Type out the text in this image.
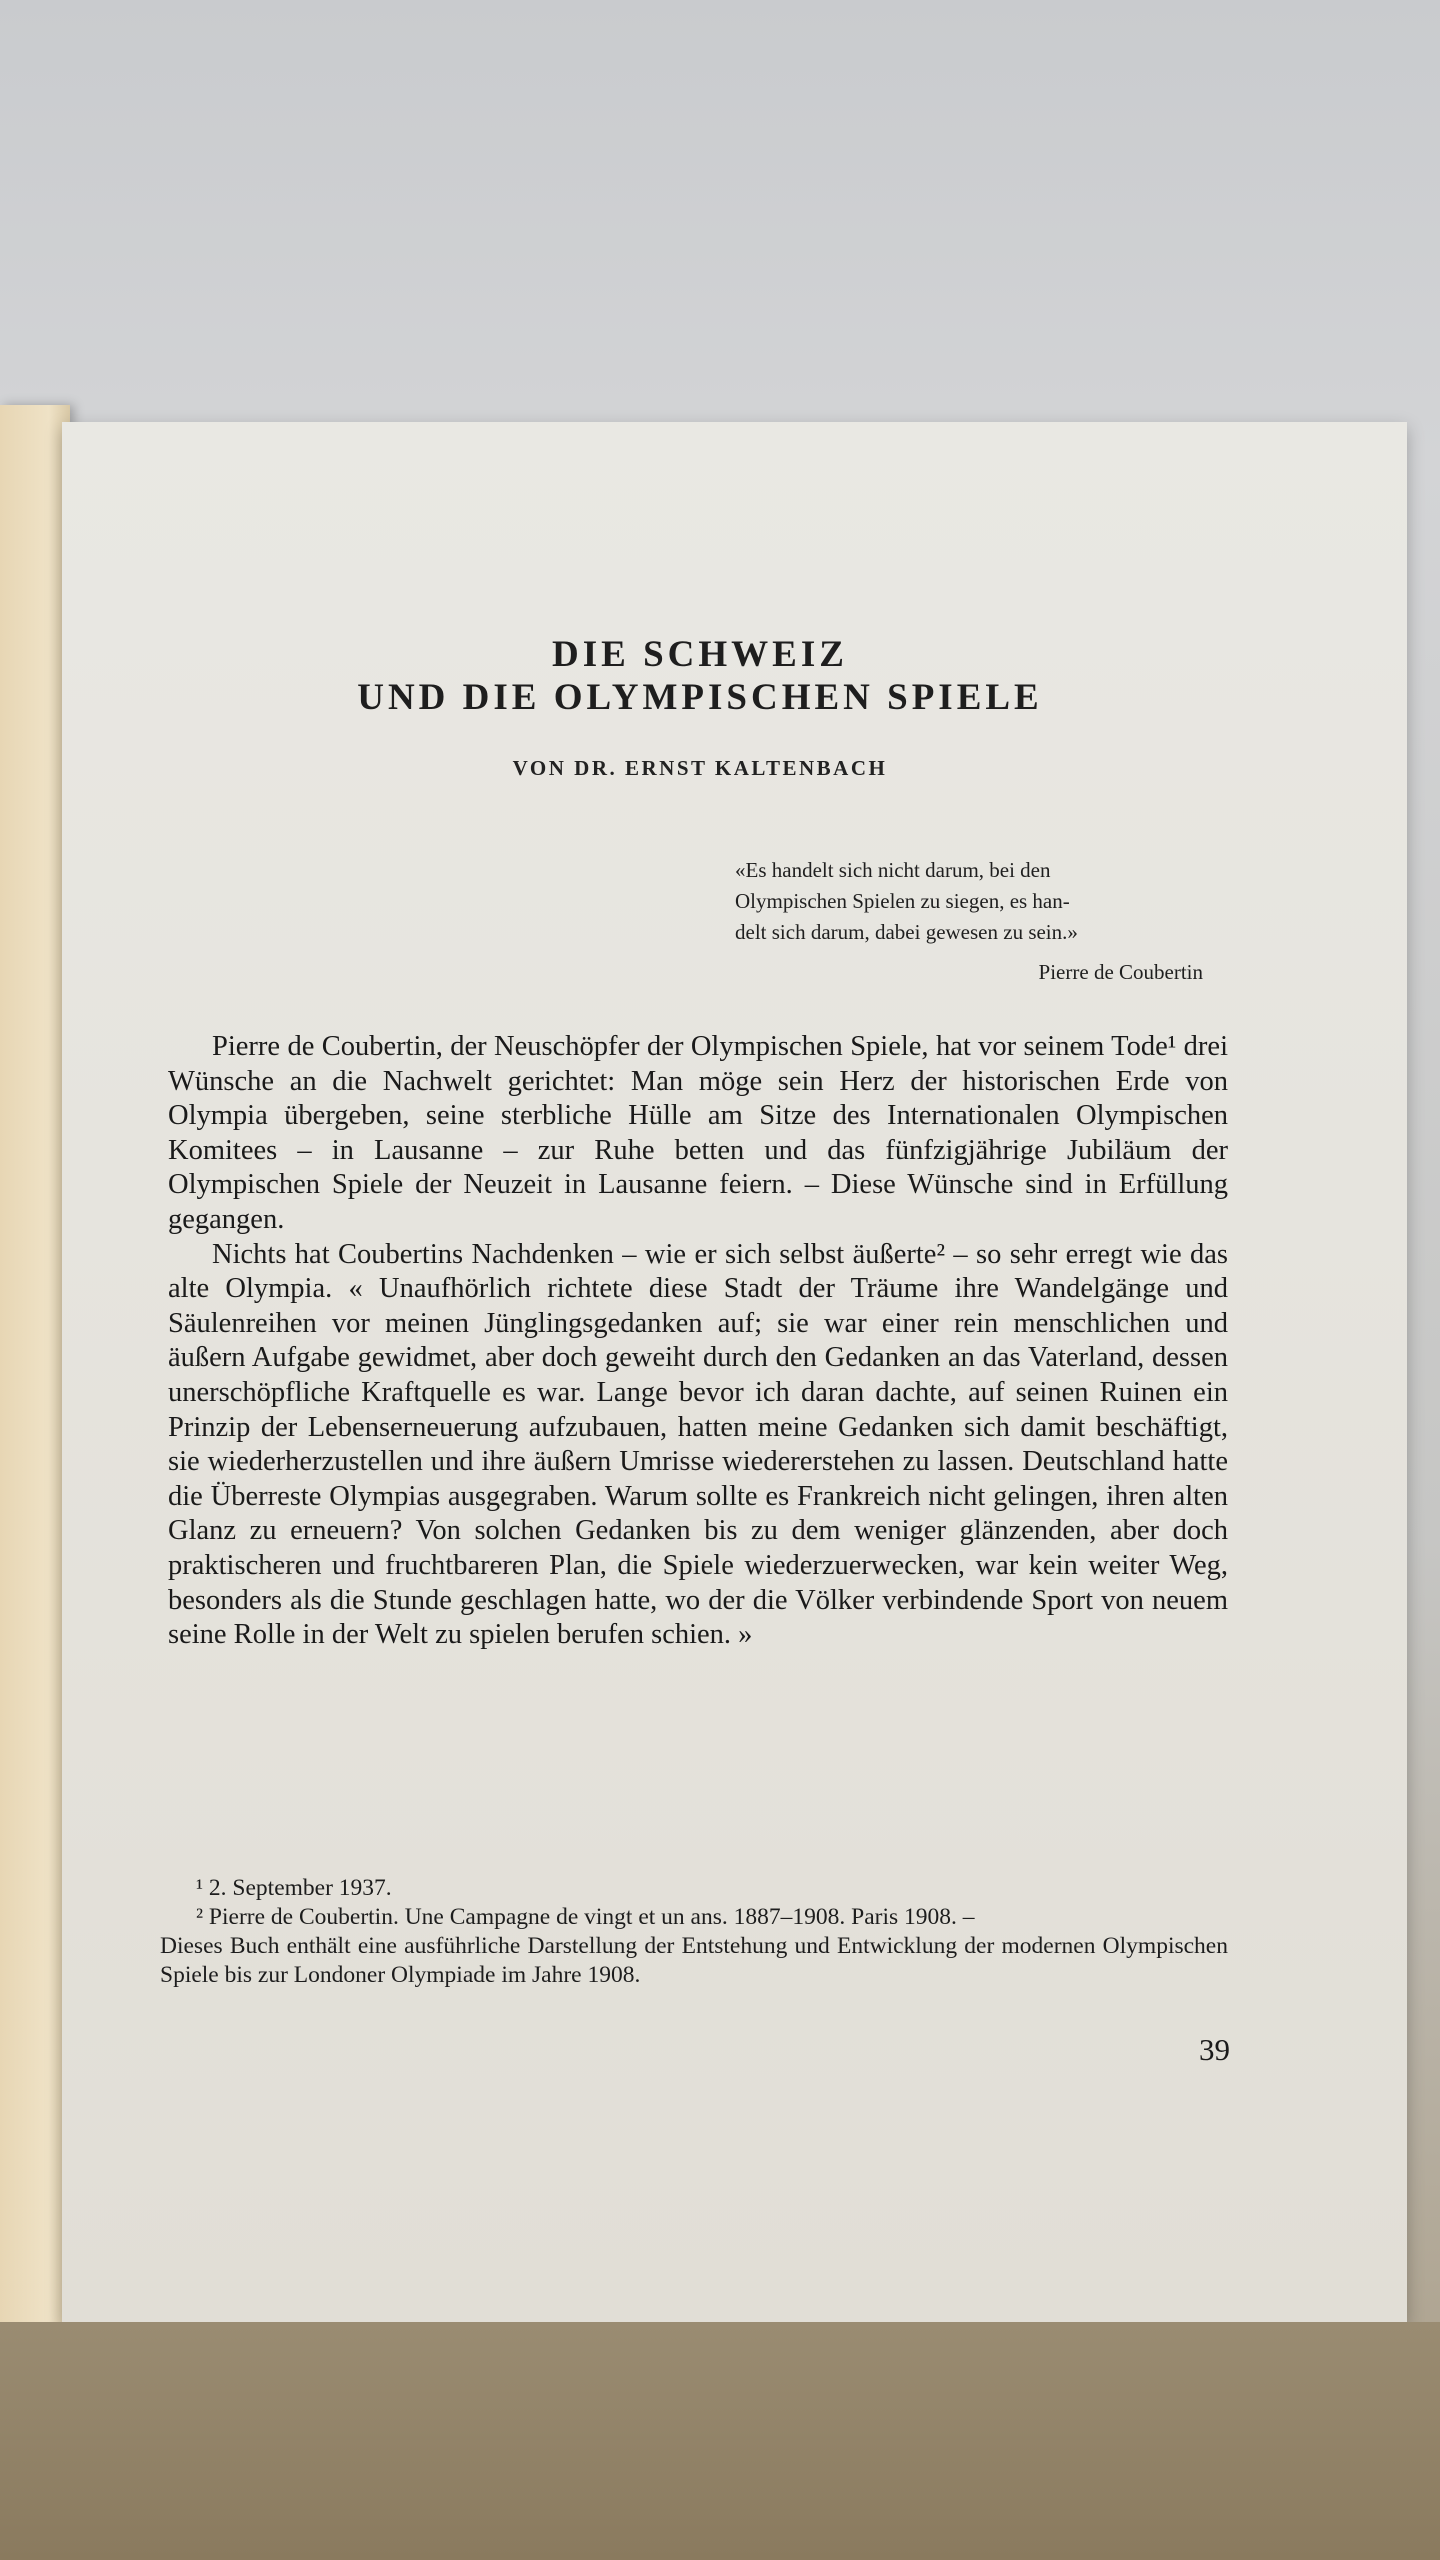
DIE SCHWEIZ
UND DIE OLYMPISCHEN SPIELE
VON DR. ERNST KALTENBACH
«Es handelt sich nicht darum, bei den
Olympischen Spielen zu siegen, es han-
delt sich darum, dabei gewesen zu sein.»
Pierre de Coubertin

Pierre de Coubertin, der Neuschöpfer der Olympischen Spiele, hat vor seinem Tode¹ drei Wünsche an die Nachwelt gerichtet: Man möge sein Herz der historischen Erde von Olympia übergeben, seine sterbliche Hülle am Sitze des Internationalen Olympischen Komitees – in Lausanne – zur Ruhe betten und das fünfzigjährige Jubiläum der Olympischen Spiele der Neuzeit in Lausanne feiern. – Diese Wünsche sind in Erfüllung gegangen.

Nichts hat Coubertins Nachdenken – wie er sich selbst äußerte² – so sehr erregt wie das alte Olympia. « Unaufhörlich richtete diese Stadt der Träume ihre Wandelgänge und Säulenreihen vor meinen Jünglingsgedanken auf; sie war einer rein menschlichen und äußern Aufgabe gewidmet, aber doch geweiht durch den Gedanken an das Vaterland, dessen unerschöpfliche Kraftquelle es war. Lange bevor ich daran dachte, auf seinen Ruinen ein Prinzip der Lebenserneuerung aufzubauen, hatten meine Gedanken sich damit beschäftigt, sie wiederherzustellen und ihre äußern Umrisse wiedererstehen zu lassen. Deutschland hatte die Überreste Olympias ausgegraben. Warum sollte es Frankreich nicht gelingen, ihren alten Glanz zu erneuern? Von solchen Gedanken bis zu dem weniger glänzenden, aber doch praktischeren und fruchtbareren Plan, die Spiele wiederzuerwecken, war kein weiter Weg, besonders als die Stunde geschlagen hatte, wo der die Völker verbindende Sport von neuem seine Rolle in der Welt zu spielen berufen schien. »

¹ 2. September 1937.
² Pierre de Coubertin. Une Campagne de vingt et un ans. 1887–1908. Paris 1908. –
Dieses Buch enthält eine ausführliche Darstellung der Entstehung und Entwicklung der modernen Olympischen Spiele bis zur Londoner Olympiade im Jahre 1908.
39
